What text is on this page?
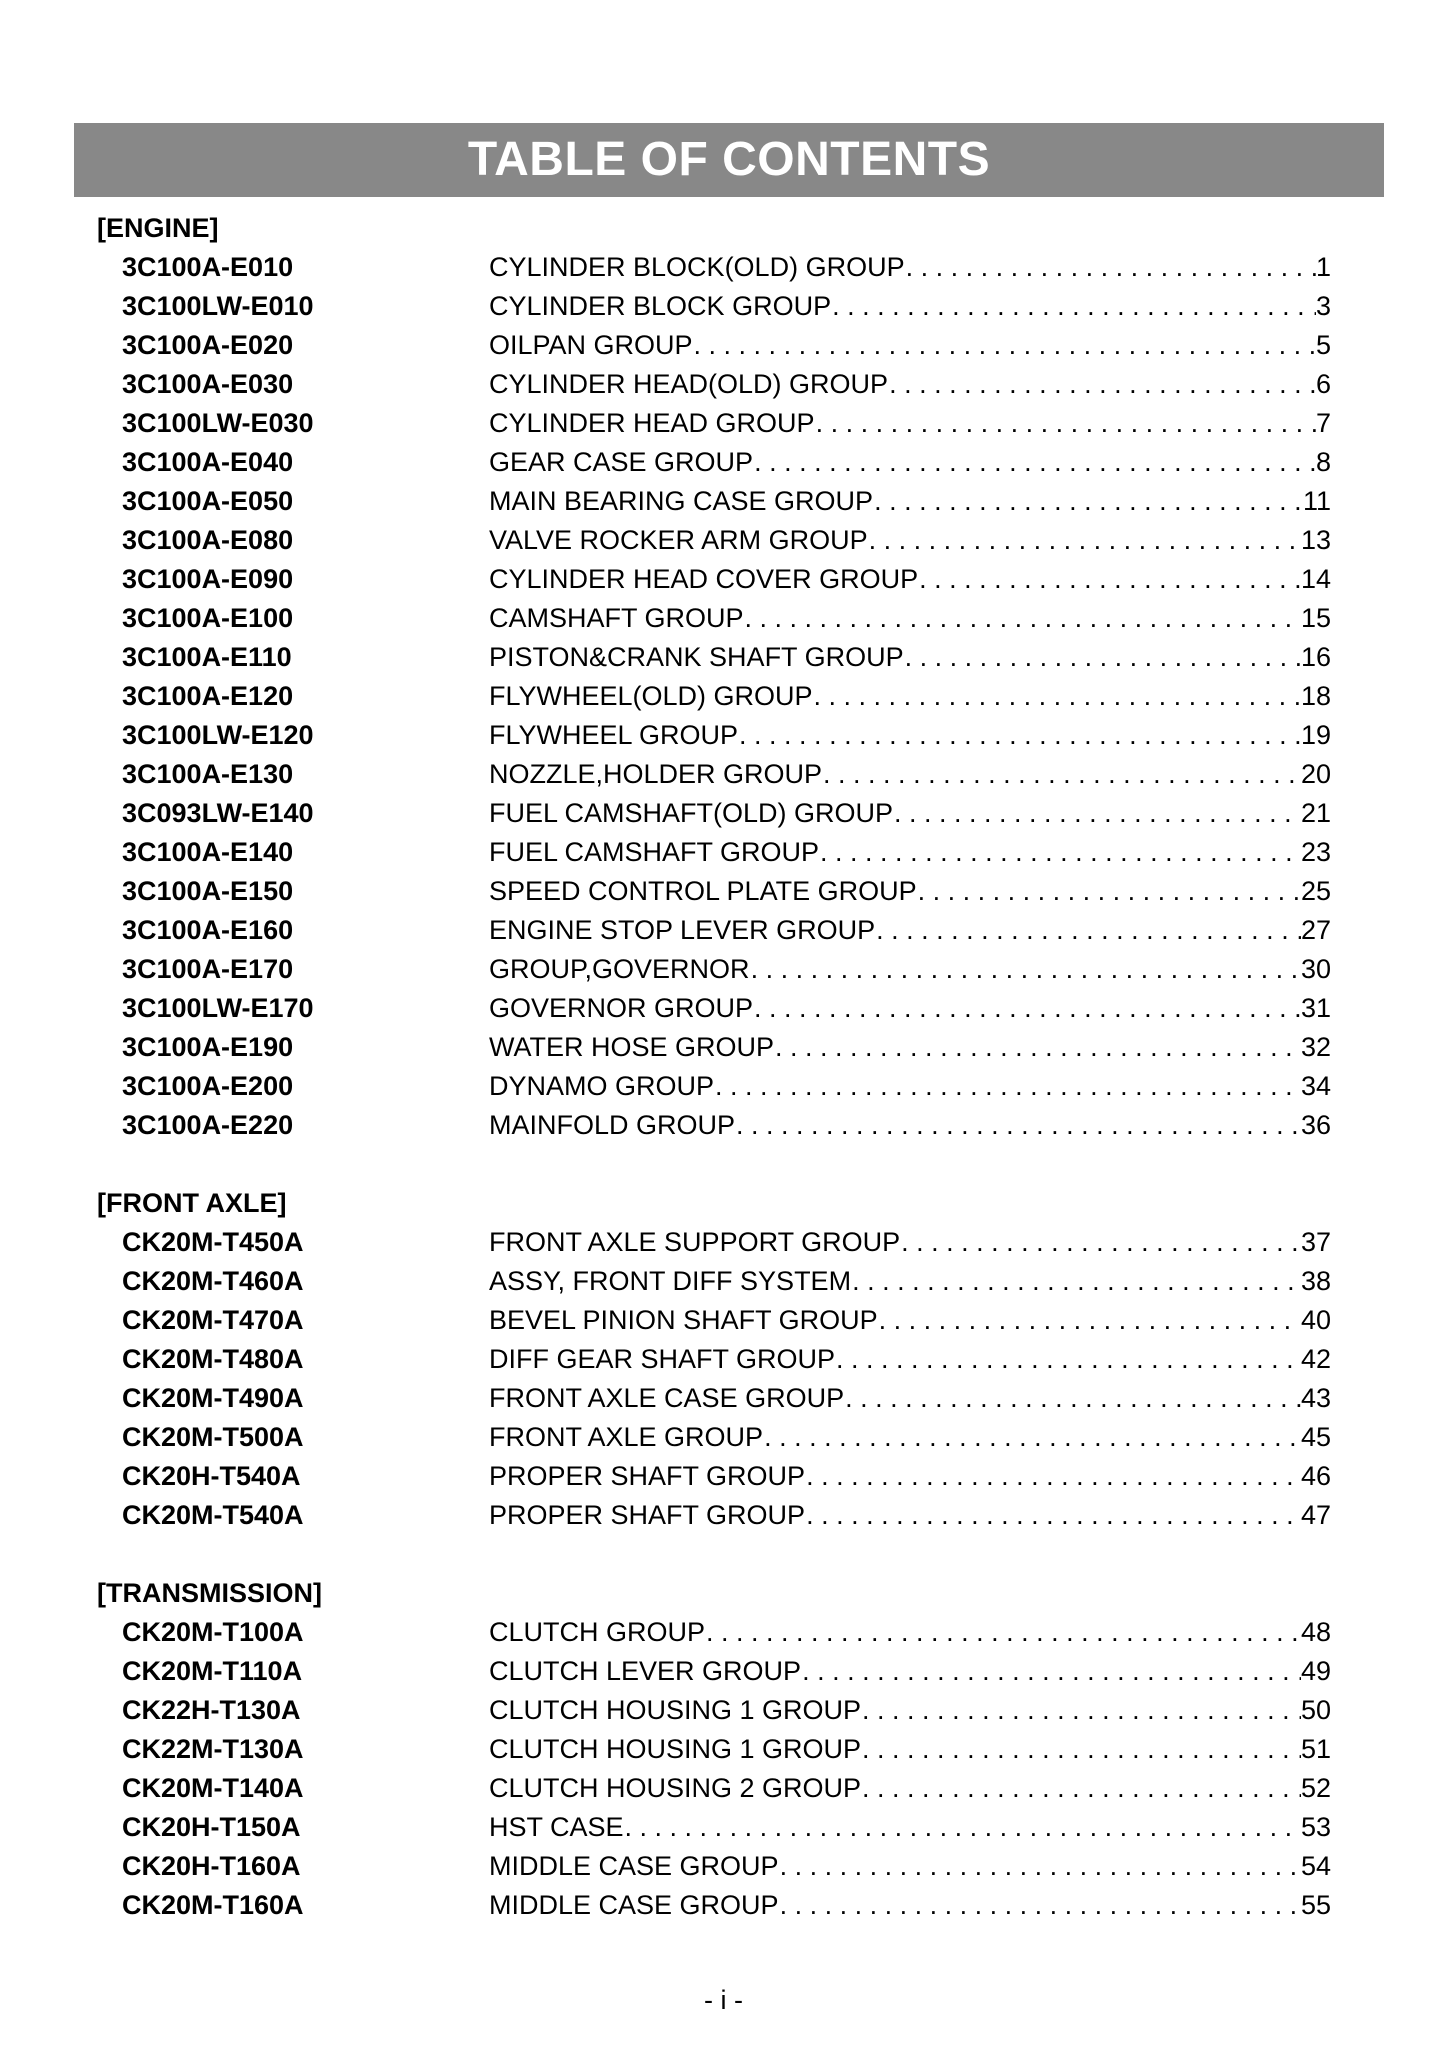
TABLE OF CONTENTS
[ENGINE]
3C100A-E010	CYLINDER BLOCK(OLD) GROUP . . .	1
3C100LW-E010	CYLINDER BLOCK GROUP . . .	3
3C100A-E020	OILPAN GROUP . . .	5
3C100A-E030	CYLINDER HEAD(OLD) GROUP . . .	6
3C100LW-E030	CYLINDER HEAD GROUP . . .	7
3C100A-E040	GEAR CASE GROUP . . .	8
3C100A-E050	MAIN BEARING CASE GROUP . . .	11
3C100A-E080	VALVE ROCKER ARM GROUP . . .	13
3C100A-E090	CYLINDER HEAD COVER GROUP . . .	14
3C100A-E100	CAMSHAFT GROUP . . .	15
3C100A-E110	PISTON&CRANK SHAFT GROUP . . .	16
3C100A-E120	FLYWHEEL(OLD) GROUP . . .	18
3C100LW-E120	FLYWHEEL GROUP . . .	19
3C100A-E130	NOZZLE,HOLDER GROUP . . .	20
3C093LW-E140	FUEL CAMSHAFT(OLD) GROUP . . .	21
3C100A-E140	FUEL CAMSHAFT GROUP . . .	23
3C100A-E150	SPEED CONTROL PLATE GROUP . . .	25
3C100A-E160	ENGINE STOP LEVER GROUP . . .	27
3C100A-E170	GROUP,GOVERNOR . . .	30
3C100LW-E170	GOVERNOR GROUP . . .	31
3C100A-E190	WATER HOSE GROUP . . .	32
3C100A-E200	DYNAMO GROUP . . .	34
3C100A-E220	MAINFOLD GROUP . . .	36
[FRONT AXLE]
CK20M-T450A	FRONT AXLE SUPPORT GROUP . . .	37
CK20M-T460A	ASSY, FRONT DIFF SYSTEM . . .	38
CK20M-T470A	BEVEL PINION SHAFT GROUP . . .	40
CK20M-T480A	DIFF GEAR SHAFT GROUP . . .	42
CK20M-T490A	FRONT AXLE CASE GROUP . . .	43
CK20M-T500A	FRONT AXLE GROUP . . .	45
CK20H-T540A	PROPER SHAFT GROUP . . .	46
CK20M-T540A	PROPER SHAFT GROUP . . .	47
[TRANSMISSION]
CK20M-T100A	CLUTCH GROUP . . .	48
CK20M-T110A	CLUTCH LEVER GROUP . . .	49
CK22H-T130A	CLUTCH HOUSING 1 GROUP . . .	50
CK22M-T130A	CLUTCH HOUSING 1 GROUP . . .	51
CK20M-T140A	CLUTCH HOUSING 2 GROUP . . .	52
CK20H-T150A	HST CASE . . .	53
CK20H-T160A	MIDDLE CASE GROUP . . .	54
CK20M-T160A	MIDDLE CASE GROUP . . .	55
- i -
